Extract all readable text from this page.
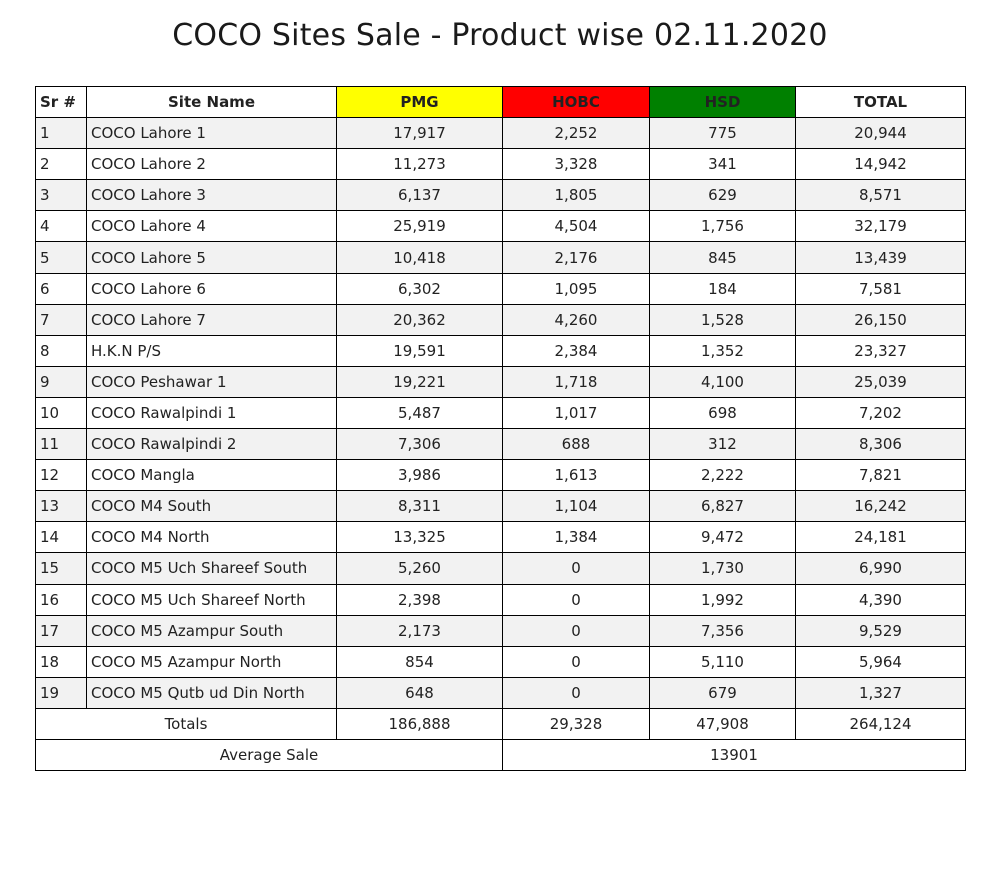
COCO Sites Sale - Product wise 02.11.2020
Sr #	Site Name	PMG	HOBC	HSD	TOTAL
1	COCO Lahore 1	17,917	2,252	775	20,944
2	COCO Lahore 2	11,273	3,328	341	14,942
3	COCO Lahore 3	6,137	1,805	629	8,571
4	COCO Lahore 4	25,919	4,504	1,756	32,179
5	COCO Lahore 5	10,418	2,176	845	13,439
6	COCO Lahore 6	6,302	1,095	184	7,581
7	COCO Lahore 7	20,362	4,260	1,528	26,150
8	H.K.N P/S	19,591	2,384	1,352	23,327
9	COCO Peshawar 1	19,221	1,718	4,100	25,039
10	COCO Rawalpindi 1	5,487	1,017	698	7,202
11	COCO Rawalpindi 2	7,306	688	312	8,306
12	COCO Mangla	3,986	1,613	2,222	7,821
13	COCO M4 South	8,311	1,104	6,827	16,242
14	COCO M4 North	13,325	1,384	9,472	24,181
15	COCO M5 Uch Shareef South	5,260	0	1,730	6,990
16	COCO M5 Uch Shareef North	2,398	0	1,992	4,390
17	COCO M5 Azampur South	2,173	0	7,356	9,529
18	COCO M5 Azampur North	854	0	5,110	5,964
19	COCO M5 Qutb ud Din North	648	0	679	1,327
Totals		186,888	29,328	47,908	264,124
Average Sale			13901		
